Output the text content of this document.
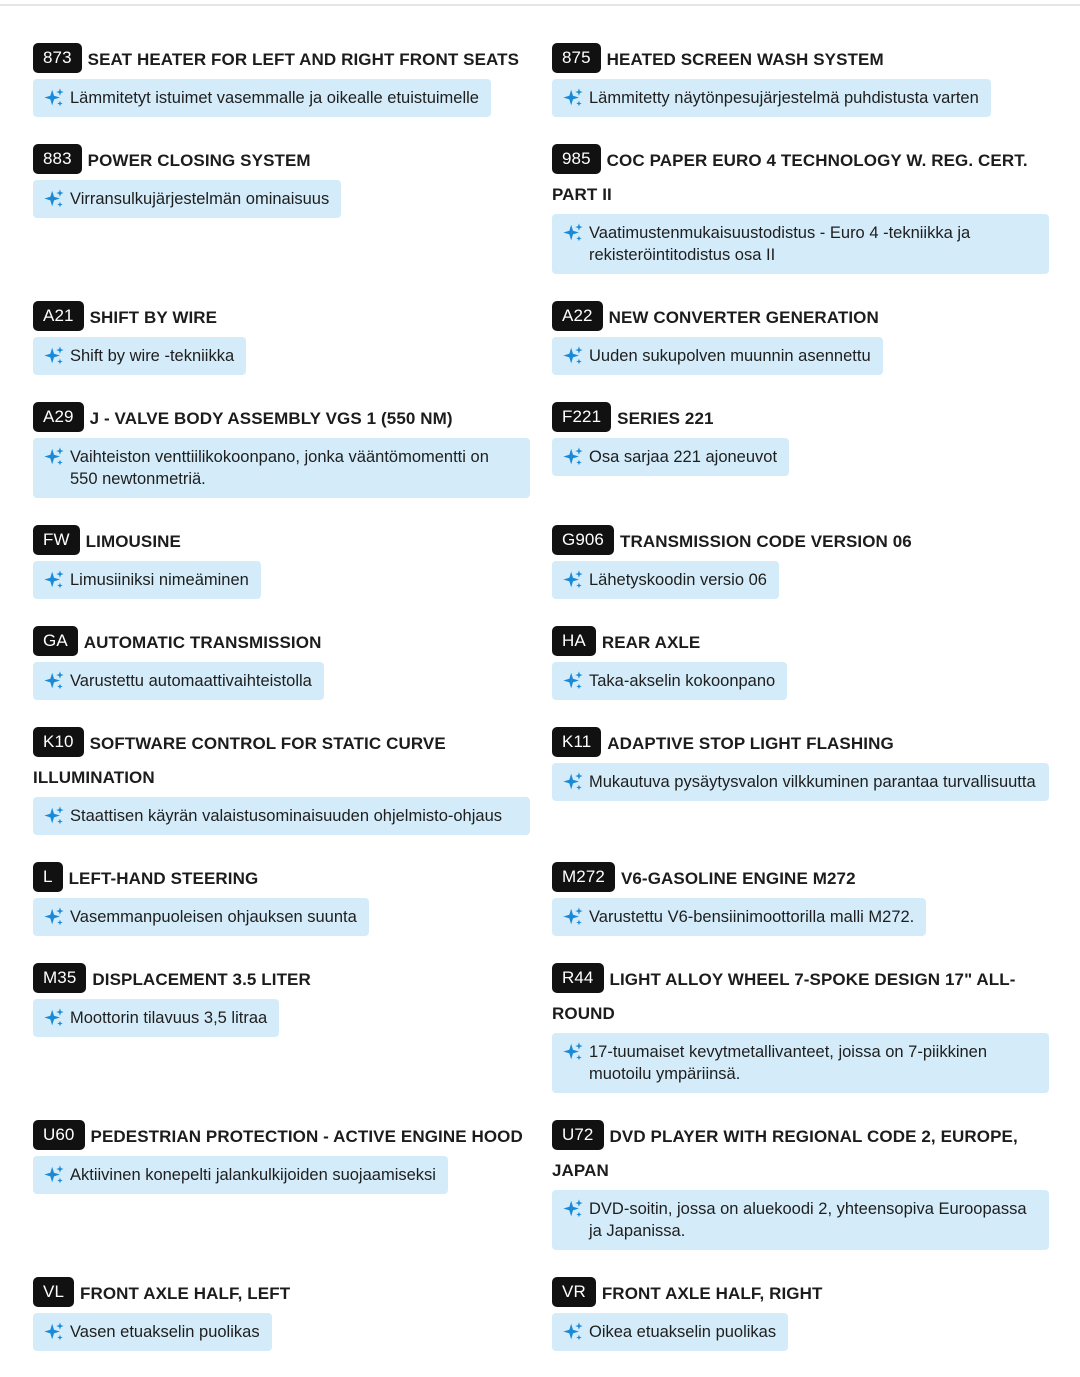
873 SEAT HEATER FOR LEFT AND RIGHT FRONT SEATS
Lämmitetyt istuimet vasemmalle ja oikealle etuistuimelle
875 HEATED SCREEN WASH SYSTEM
Lämmitetty näytönpesujärjestelmä puhdistusta varten
883 POWER CLOSING SYSTEM
Virransulkujärjestelmän ominaisuus
985 COC PAPER EURO 4 TECHNOLOGY W. REG. CERT. PART II
Vaatimustenmukaisuustodistus - Euro 4 -tekniikka ja rekisteröintitodistus osa II
A21 SHIFT BY WIRE
Shift by wire -tekniikka
A22 NEW CONVERTER GENERATION
Uuden sukupolven muunnin asennettu
A29 J - VALVE BODY ASSEMBLY VGS 1 (550 NM)
Vaihteiston venttiilikokoonpano, jonka vääntömomentti on 550 newtonmetriä.
F221 SERIES 221
Osa sarjaa 221 ajoneuvot
FW LIMOUSINE
Limusiiniksi nimeäminen
G906 TRANSMISSION CODE VERSION 06
Lähetyskoodin versio 06
GA AUTOMATIC TRANSMISSION
Varustettu automaattivaihteistolla
HA REAR AXLE
Taka-akselin kokoonpano
K10 SOFTWARE CONTROL FOR STATIC CURVE ILLUMINATION
Staattisen käyrän valaistusominaisuuden ohjelmisto-ohjaus
K11 ADAPTIVE STOP LIGHT FLASHING
Mukautuva pysäytysvalon vilkkuminen parantaa turvallisuutta
L LEFT-HAND STEERING
Vasemmanpuoleisen ohjauksen suunta
M272 V6-GASOLINE ENGINE M272
Varustettu V6-bensiinimoottorilla malli M272.
M35 DISPLACEMENT 3.5 LITER
Moottorin tilavuus 3,5 litraa
R44 LIGHT ALLOY WHEEL 7-SPOKE DESIGN 17" ALL-ROUND
17-tuumaiset kevytmetallivanteet, joissa on 7-piikkinen muotoilu ympäriinsä.
U60 PEDESTRIAN PROTECTION - ACTIVE ENGINE HOOD
Aktiivinen konepelti jalankulkijoiden suojaamiseksi
U72 DVD PLAYER WITH REGIONAL CODE 2, EUROPE, JAPAN
DVD-soitin, jossa on aluekoodi 2, yhteensopiva Euroopassa ja Japanissa.
VL FRONT AXLE HALF, LEFT
Vasen etuakselin puolikas
VR FRONT AXLE HALF, RIGHT
Oikea etuakselin puolikas
